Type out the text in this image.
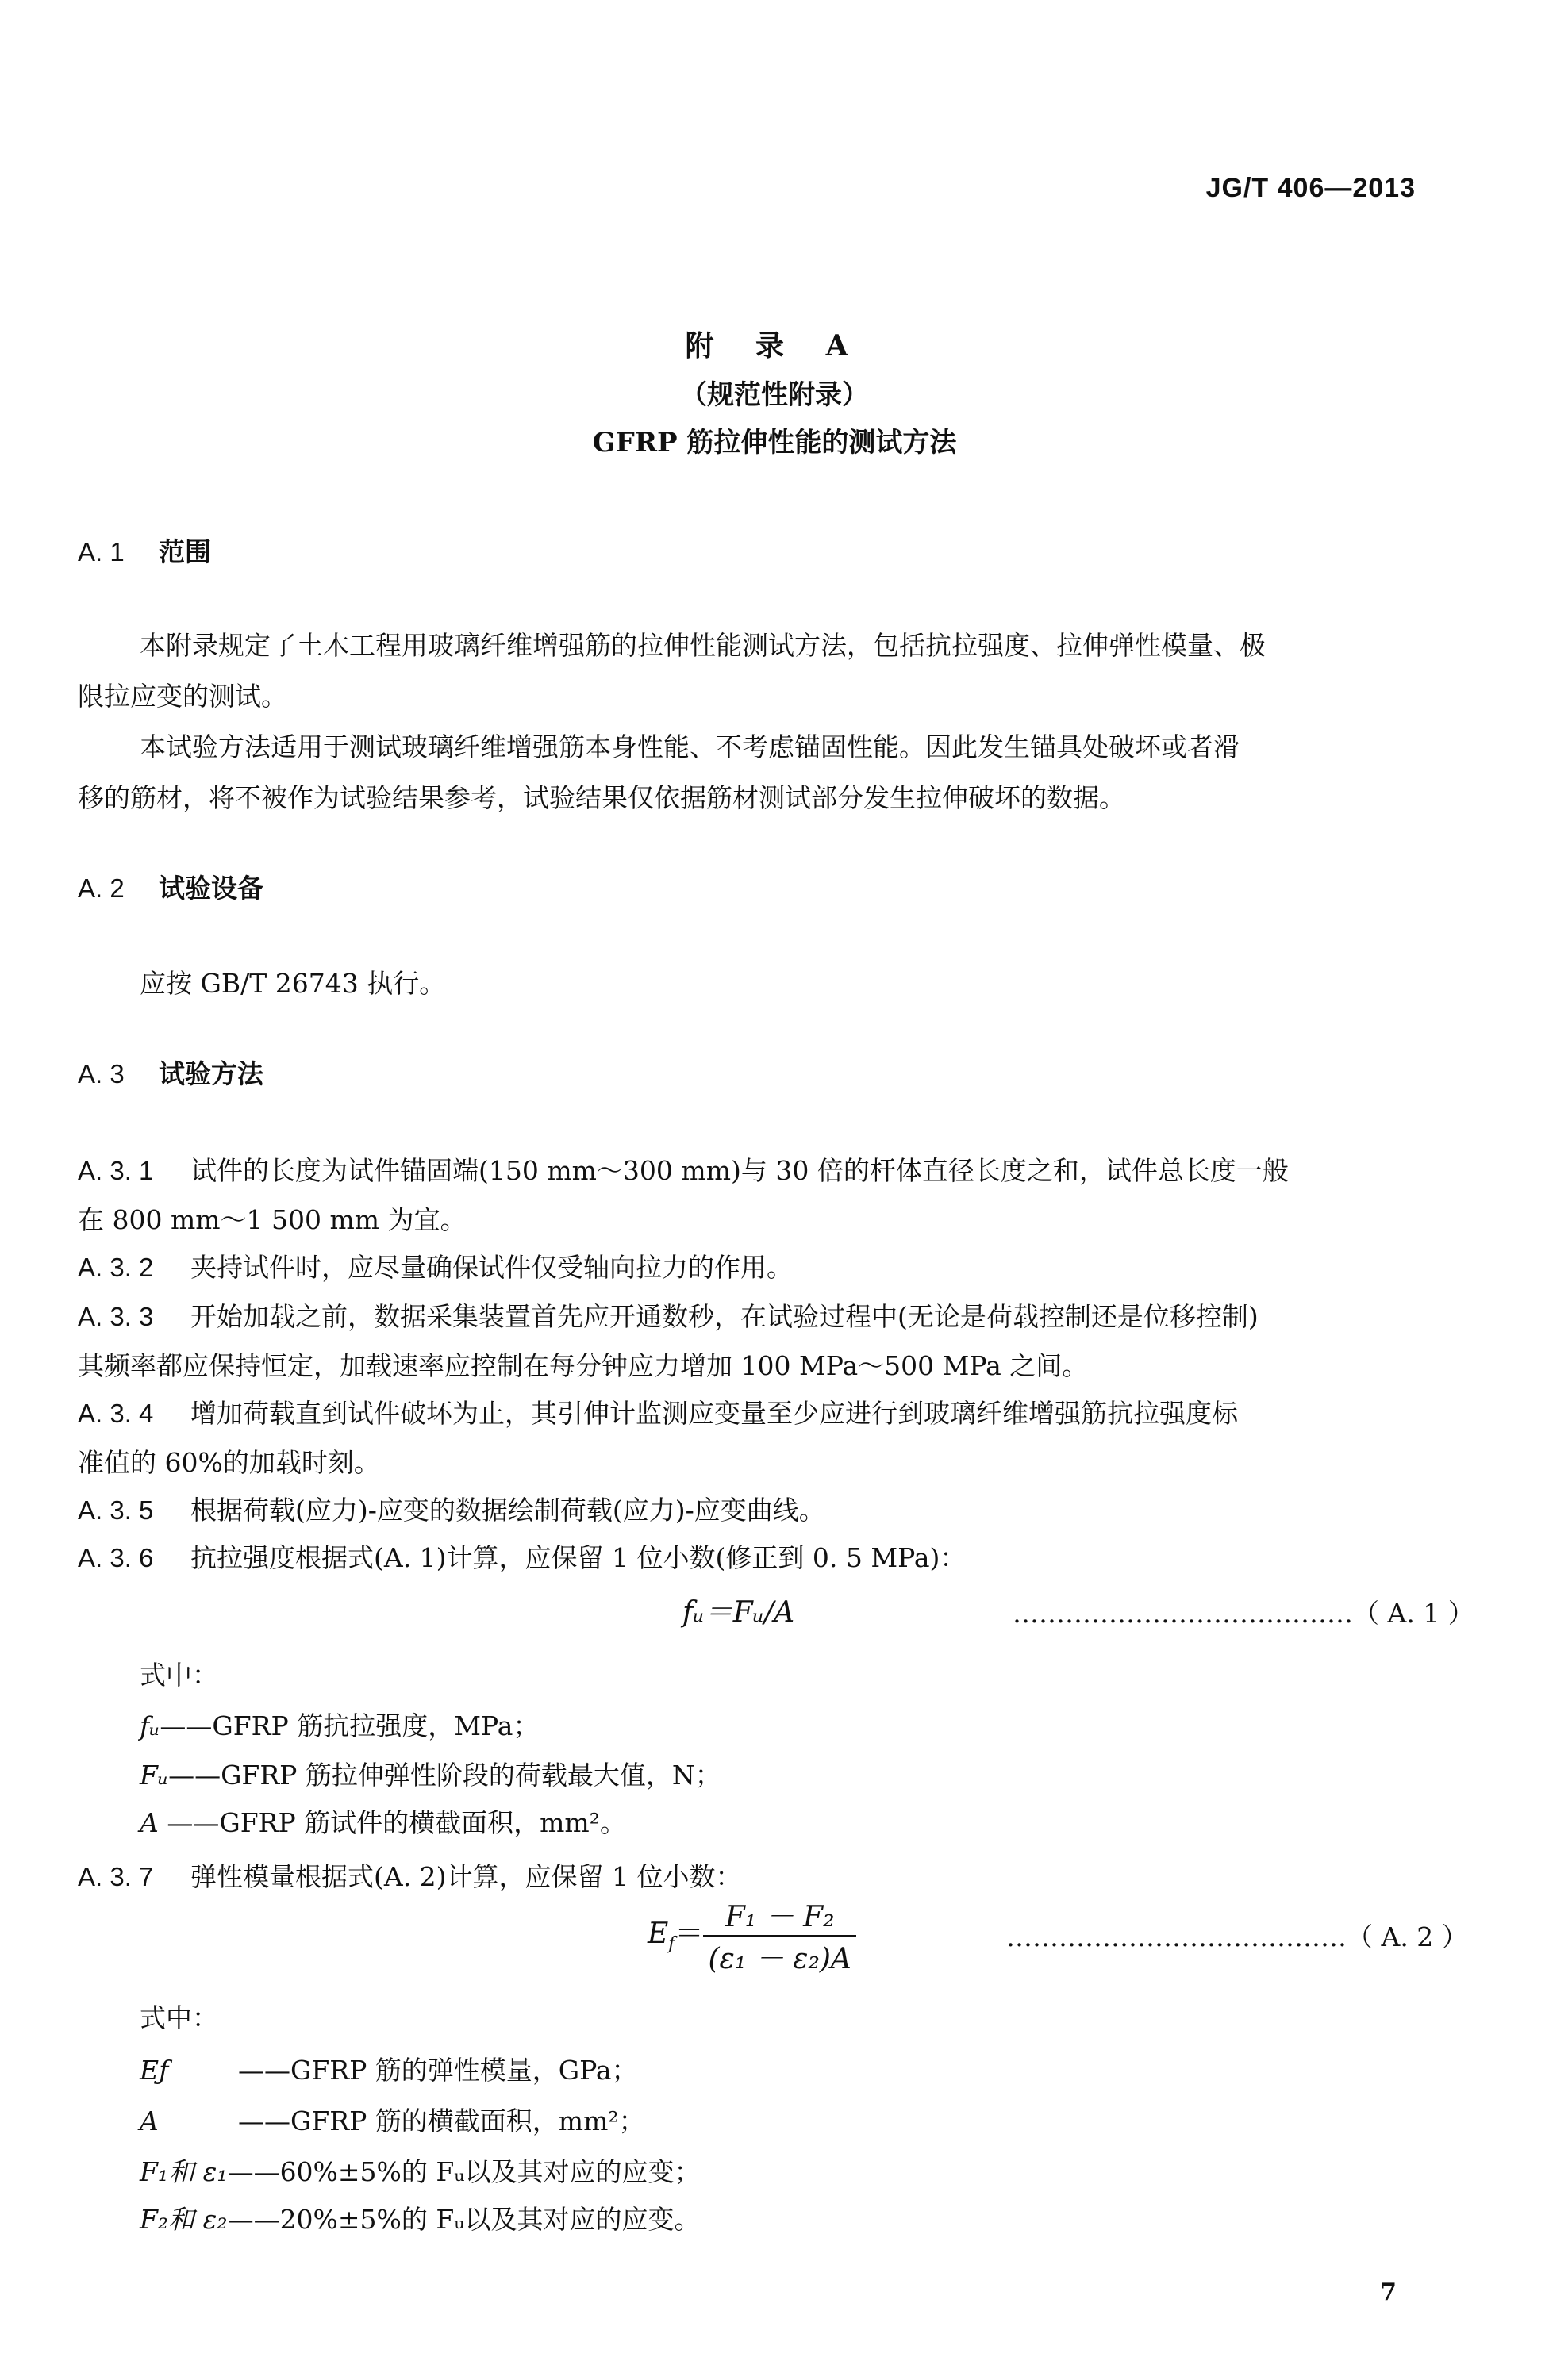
JG/T 406—2013
附 录 A
（规范性附录）
GFRP 筋拉伸性能的测试方法
A. 1 范围
本附录规定了土木工程用玻璃纤维增强筋的拉伸性能测试方法，包括抗拉强度、拉伸弹性模量、极
限拉应变的测试。
本试验方法适用于测试玻璃纤维增强筋本身性能、不考虑锚固性能。因此发生锚具处破坏或者滑
移的筋材，将不被作为试验结果参考，试验结果仅依据筋材测试部分发生拉伸破坏的数据。
A. 2 试验设备
应按 GB/T 26743 执行。
A. 3 试验方法
A. 3. 1 试件的长度为试件锚固端(150 mm～300 mm)与 30 倍的杆体直径长度之和，试件总长度一般
在 800 mm～1 500 mm 为宜。
A. 3. 2 夹持试件时，应尽量确保试件仅受轴向拉力的作用。
A. 3. 3 开始加载之前，数据采集装置首先应开通数秒，在试验过程中(无论是荷载控制还是位移控制)
其频率都应保持恒定，加载速率应控制在每分钟应力增加 100 MPa～500 MPa 之间。
A. 3. 4 增加荷载直到试件破坏为止，其引伸计监测应变量至少应进行到玻璃纤维增强筋抗拉强度标
准值的 60%的加载时刻。
A. 3. 5 根据荷载(应力)-应变的数据绘制荷载(应力)-应变曲线。
A. 3. 6 抗拉强度根据式(A. 1)计算，应保留 1 位小数(修正到 0. 5 MPa)：
fᵤ＝Fᵤ/A	…………………………………（ A. 1 ）
式中：
fᵤ——GFRP 筋抗拉强度，MPa；
Fᵤ——GFRP 筋拉伸弹性阶段的荷载最大值，N；
A ——GFRP 筋试件的横截面积，mm²。
A. 3. 7 弹性模量根据式(A. 2)计算，应保留 1 位小数：
$E_f= \frac{\text{F₁ － F₂}}{\text{(ε₁ － ε₂)A}}$	…………………………………（ A. 2 ）
式中：
Eƒ	——GFRP 筋的弹性模量，GPa；
A	——GFRP 筋的横截面积，mm²；
F₁和 ε₁——60%±5%的 Fᵤ以及其对应的应变；
F₂和 ε₂——20%±5%的 Fᵤ以及其对应的应变。
7
